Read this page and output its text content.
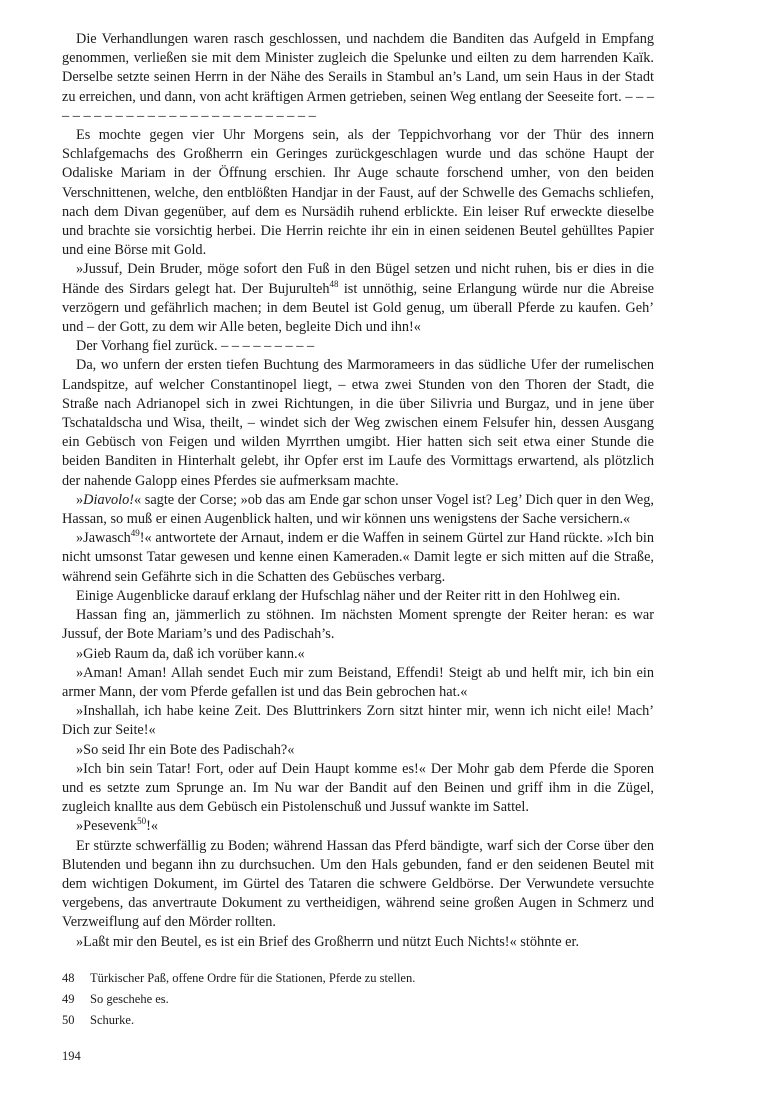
Die Verhandlungen waren rasch geschlossen, und nachdem die Banditen das Aufgeld in Empfang genommen, verließen sie mit dem Minister zugleich die Spelunke und eilten zu dem harrenden Kaïk. Derselbe setzte seinen Herrn in der Nähe des Serails in Stambul an’s Land, um sein Haus in der Stadt zu erreichen, und dann, von acht kräftigen Armen getrieben, seinen Weg entlang der Seeseite fort. – – – – – – – – – – – – – – – – – – – – – – – – – – –

Es mochte gegen vier Uhr Morgens sein, als der Teppichvorhang vor der Thür des innern Schlafgemachs des Großherrn ein Geringes zurückgeschlagen wurde und das schöne Haupt der Odaliske Mariam in der Öffnung erschien. Ihr Auge schaute forschend umher, von den beiden Verschnittenen, welche, den entblößten Handjar in der Faust, auf der Schwelle des Gemachs schliefen, nach dem Divan gegenüber, auf dem es Nursädih ruhend erblickte. Ein leiser Ruf erweckte dieselbe und brachte sie vorsichtig herbei. Die Herrin reichte ihr ein in einen seidenen Beutel gehülltes Papier und eine Börse mit Gold.

»Jussuf, Dein Bruder, möge sofort den Fuß in den Bügel setzen und nicht ruhen, bis er dies in die Hände des Sirdars gelegt hat. Der Bujurulteh$^{48}$ ist unnöthig, seine Erlangung würde nur die Abreise verzögern und gefährlich machen; in dem Beutel ist Gold genug, um überall Pferde zu kaufen. Geh’ und – der Gott, zu dem wir Alle beten, begleite Dich und ihn!«

Der Vorhang fiel zurück. – – – – – – – – –

Da, wo unfern der ersten tiefen Buchtung des Marmorameers in das südliche Ufer der rumelischen Landspitze, auf welcher Constantinopel liegt, – etwa zwei Stunden von den Thoren der Stadt, die Straße nach Adrianopel sich in zwei Richtungen, in die über Silivria und Burgaz, und in jene über Tschataldscha und Wisa, theilt, – windet sich der Weg zwischen einem Felsufer hin, dessen Ausgang ein Gebüsch von Feigen und wilden Myrrthen umgibt. Hier hatten sich seit etwa einer Stunde die beiden Banditen in Hinterhalt gelebt, ihr Opfer erst im Laufe des Vormittags erwartend, als plötzlich der nahende Galopp eines Pferdes sie aufmerksam machte.

»Diavolo!« sagte der Corse; »ob das am Ende gar schon unser Vogel ist? Leg’ Dich quer in den Weg, Hassan, so muß er einen Augenblick halten, und wir können uns wenigstens der Sache versichern.«

»Jawasch$^{49}$!« antwortete der Arnaut, indem er die Waffen in seinem Gürtel zur Hand rückte. »Ich bin nicht umsonst Tatar gewesen und kenne einen Kameraden.« Damit legte er sich mitten auf die Straße, während sein Gefährte sich in die Schatten des Gebüsches verbarg.

Einige Augenblicke darauf erklang der Hufschlag näher und der Reiter ritt in den Hohlweg ein.

Hassan fing an, jämmerlich zu stöhnen. Im nächsten Moment sprengte der Reiter heran: es war Jussuf, der Bote Mariam’s und des Padischah’s.

»Gieb Raum da, daß ich vorüber kann.«

»Aman! Aman! Allah sendet Euch mir zum Beistand, Effendi! Steigt ab und helft mir, ich bin ein armer Mann, der vom Pferde gefallen ist und das Bein gebrochen hat.«

»Inshallah, ich habe keine Zeit. Des Bluttrinkers Zorn sitzt hinter mir, wenn ich nicht eile! Mach’ Dich zur Seite!«

»So seid Ihr ein Bote des Padischah?«

»Ich bin sein Tatar! Fort, oder auf Dein Haupt komme es!« Der Mohr gab dem Pferde die Sporen und es setzte zum Sprunge an. Im Nu war der Bandit auf den Beinen und griff ihm in die Zügel, zugleich knallte aus dem Gebüsch ein Pistolenschuß und Jussuf wankte im Sattel.

»Pesevenk$^{50}$!«

Er stürzte schwerfällig zu Boden; während Hassan das Pferd bändigte, warf sich der Corse über den Blutenden und begann ihn zu durchsuchen. Um den Hals gebunden, fand er den seidenen Beutel mit dem wichtigen Dokument, im Gürtel des Tataren die schwere Geldbörse. Der Verwundete versuchte vergebens, das anvertraute Dokument zu vertheidigen, während seine großen Augen in Schmerz und Verzweiflung auf den Mörder rollten.

»Laßt mir den Beutel, es ist ein Brief des Großherrn und nützt Euch Nichts!« stöhnte er.

48	Türkischer Paß, offene Ordre für die Stationen, Pferde zu stellen.
49	So geschehe es.
50	Schurke.
194
